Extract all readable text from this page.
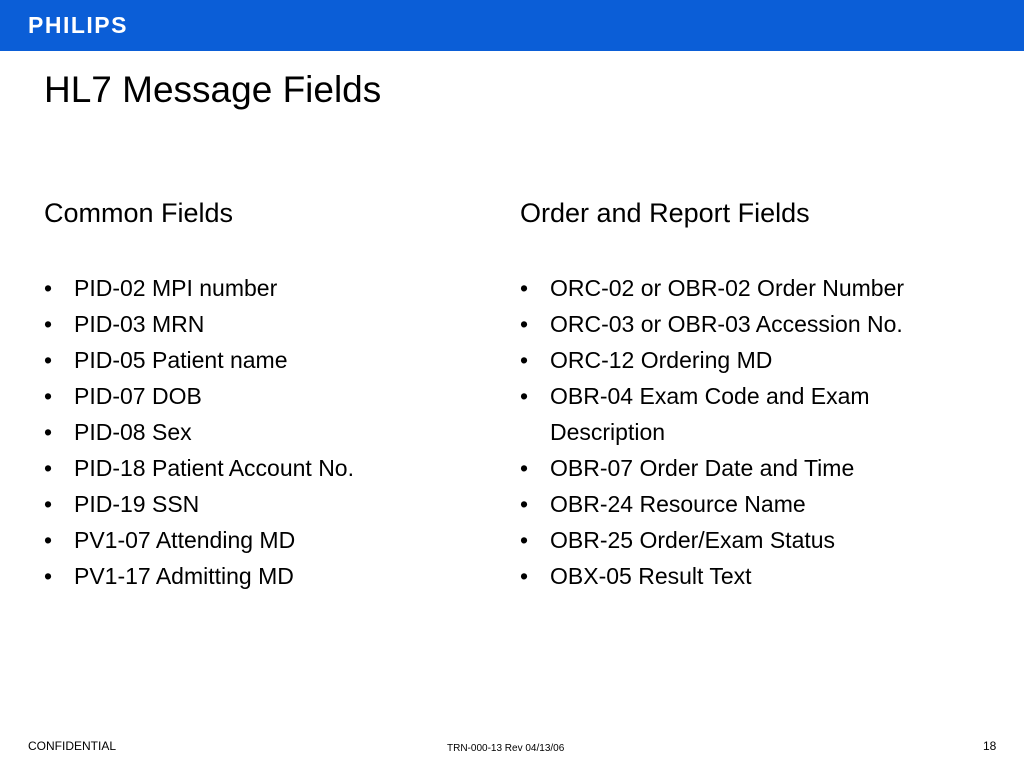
PHILIPS
HL7 Message Fields
Common Fields
• PID-02 MPI number
• PID-03 MRN
• PID-05 Patient name
• PID-07 DOB
• PID-08 Sex
• PID-18 Patient Account No.
• PID-19 SSN
• PV1-07 Attending MD
• PV1-17 Admitting MD
Order and Report Fields
• ORC-02 or OBR-02 Order Number
• ORC-03 or OBR-03 Accession No.
• ORC-12 Ordering MD
• OBR-04 Exam Code and Exam Description
• OBR-07 Order Date and Time
• OBR-24 Resource Name
• OBR-25 Order/Exam Status
• OBX-05 Result Text
CONFIDENTIAL	TRN-000-13 Rev 04/13/06	18
